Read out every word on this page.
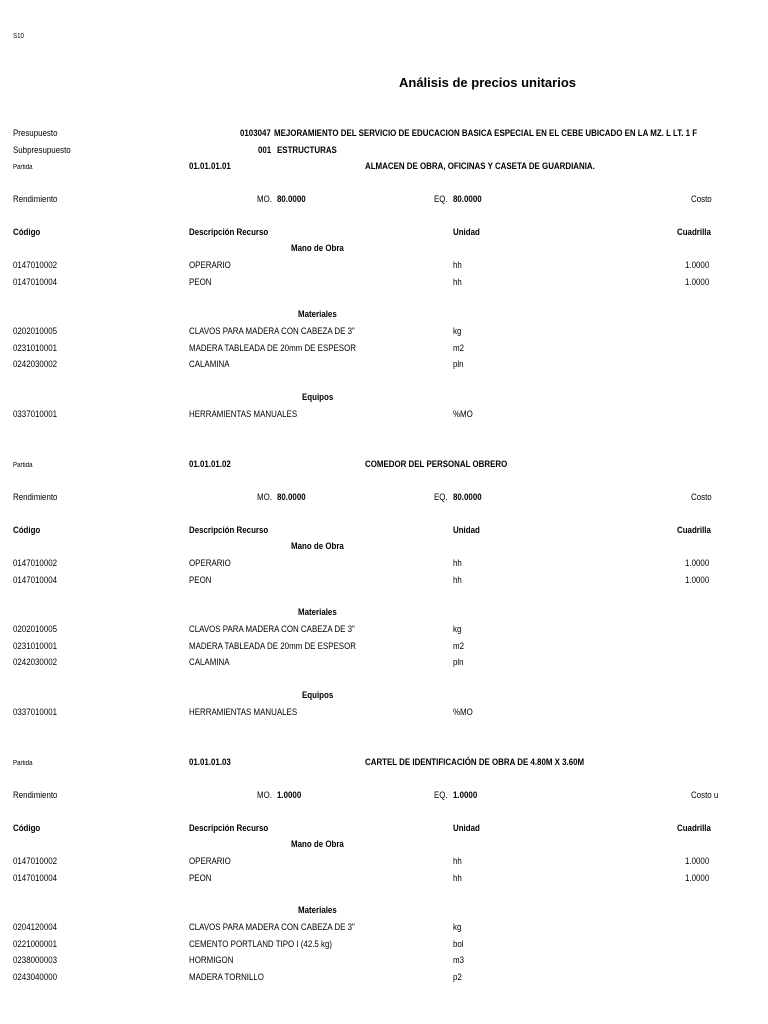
S10
Análisis de precios unitarios
Presupuesto	0103047 MEJORAMIENTO DEL SERVICIO DE EDUCACION BASICA ESPECIAL EN EL CEBE UBICADO EN LA MZ. L LT. 1 F
Subpresupuesto	001 ESTRUCTURAS
Partida	01.01.01.01	ALMACEN DE OBRA, OFICINAS Y CASETA DE GUARDIANIA.
Rendimiento	MO. 80.0000	EQ. 80.0000	Costo
Código	Descripción Recurso	Unidad	Cuadrilla
Mano de Obra
0147010002	OPERARIO	hh	1.0000
0147010004	PEON	hh	1.0000
Materiales
0202010005	CLAVOS PARA MADERA CON CABEZA DE 3"	kg
0231010001	MADERA TABLEADA DE 20mm DE ESPESOR	m2
0242030002	CALAMINA	pln
Equipos
0337010001	HERRAMIENTAS MANUALES	%MO
Partida	01.01.01.02	COMEDOR DEL PERSONAL OBRERO
Rendimiento	MO. 80.0000	EQ. 80.0000	Costo
Código	Descripción Recurso	Unidad	Cuadrilla
Mano de Obra
0147010002	OPERARIO	hh	1.0000
0147010004	PEON	hh	1.0000
Materiales
0202010005	CLAVOS PARA MADERA CON CABEZA DE 3"	kg
0231010001	MADERA TABLEADA DE 20mm DE ESPESOR	m2
0242030002	CALAMINA	pln
Equipos
0337010001	HERRAMIENTAS MANUALES	%MO
Partida	01.01.01.03	CARTEL DE IDENTIFICACIÓN DE OBRA DE 4.80M X 3.60M
Rendimiento	MO. 1.0000	EQ. 1.0000	Costo u
Código	Descripción Recurso	Unidad	Cuadrilla
Mano de Obra
0147010002	OPERARIO	hh	1.0000
0147010004	PEON	hh	1.0000
Materiales
0204120004	CLAVOS PARA MADERA CON CABEZA DE 3"	kg
0221000001	CEMENTO PORTLAND TIPO I (42.5 kg)	bol
0238000003	HORMIGON	m3
0243040000	MADERA TORNILLO	p2
